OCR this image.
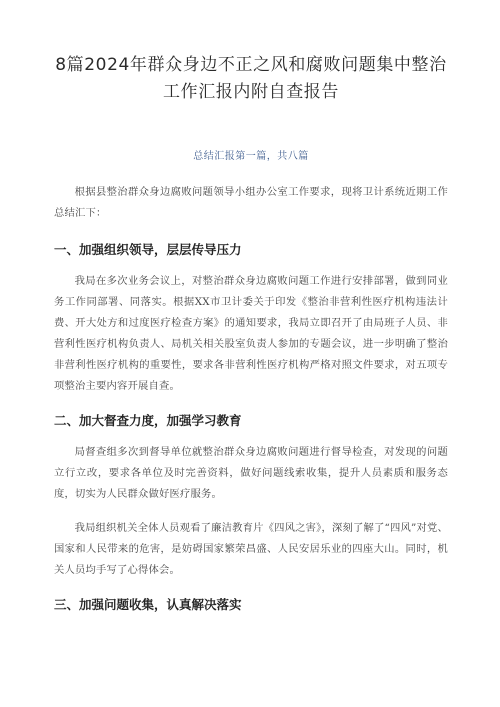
8篇2024年群众身边不正之风和腐败问题集中整治
工作汇报内附自查报告
总结汇报第一篇，共八篇

根据县整治群众身边腐败问题领导小组办公室工作要求，现将卫计系统近期工作总结汇下：

一、加强组织领导，层层传导压力

我局在多次业务会议上，对整治群众身边腐败问题工作进行安排部署，做到同业务工作同部署、同落实。根据XX市卫计委关于印发《整治非营利性医疗机构违法计费、开大处方和过度医疗检查方案》的通知要求，我局立即召开了由局班子人员、非营利性医疗机构负责人、局机关相关股室负责人参加的专题会议，进一步明确了整治非营利性医疗机构的重要性，要求各非营利性医疗机构严格对照文件要求，对五项专项整治主要内容开展自查。

二、加大督查力度，加强学习教育

局督查组多次到督导单位就整治群众身边腐败问题进行督导检查，对发现的问题立行立改，要求各单位及时完善资料，做好问题线索收集，提升人员素质和服务态度，切实为人民群众做好医疗服务。

我局组织机关全体人员观看了廉洁教育片《四风之害》，深刻了解了“四风”对党、国家和人民带来的危害，是妨碍国家繁荣昌盛、人民安居乐业的四座大山。同时，机关人员均手写了心得体会。

三、加强问题收集，认真解决落实
